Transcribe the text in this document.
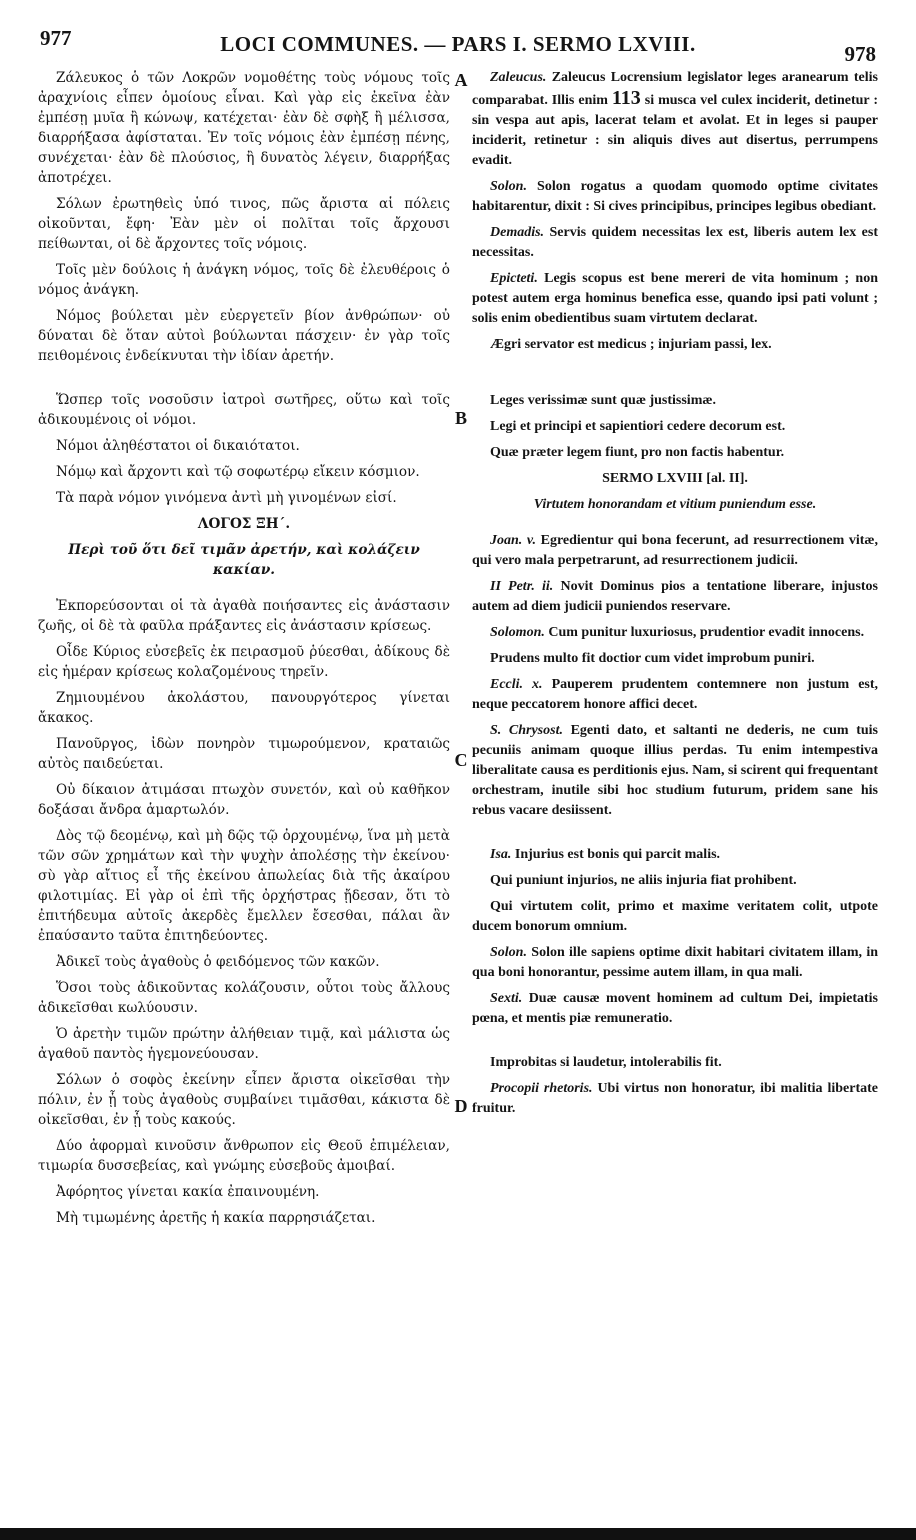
977	LOCI COMMUNES. — PARS I. SERMO LXVIII.	978
A
B
C
D

Ζάλευκος ὁ τῶν Λοκρῶν νομοθέτης τοὺς νόμους τοῖς ἀραχνίοις εἶπεν ὁμοίους εἶναι. Καὶ γὰρ εἰς ἐκεῖνα ἐὰν ἐμπέσῃ μυῖα ἢ κώνωψ, κατέχεται· ἐὰν δὲ σφὴξ ἢ μέλισσα, διαρρήξασα ἀφίσταται. Ἐν τοῖς νόμοις ἐὰν ἐμπέσῃ πένης, συνέχεται· ἐὰν δὲ πλούσιος, ἢ δυνατὸς λέγειν, διαρρήξας ἀποτρέχει.

Σόλων ἐρωτηθεὶς ὑπό τινος, πῶς ἄριστα αἱ πόλεις οἰκοῦνται, ἔφη· Ἐὰν μὲν οἱ πολῖται τοῖς ἄρχουσι πείθωνται, οἱ δὲ ἄρχοντες τοῖς νόμοις.

Τοῖς μὲν δούλοις ἡ ἀνάγκη νόμος, τοῖς δὲ ἐλευθέροις ὁ νόμος ἀνάγκη.

Νόμος βούλεται μὲν εὐεργετεῖν βίον ἀνθρώπων· οὐ δύναται δὲ ὅταν αὐτοὶ βούλωνται πάσχειν· ἐν γὰρ τοῖς πειθομένοις ἐνδείκνυται τὴν ἰδίαν ἀρετήν.

Ὥσπερ τοῖς νοσοῦσιν ἰατροὶ σωτῆρες, οὕτω καὶ τοῖς ἀδικουμένοις οἱ νόμοι.

Νόμοι ἀληθέστατοι οἱ δικαιότατοι.

Νόμῳ καὶ ἄρχοντι καὶ τῷ σοφωτέρῳ εἴκειν κόσμιον.

Τὰ παρὰ νόμον γινόμενα ἀντὶ μὴ γινομένων εἰσί.

ΛΟΓΟΣ ΞΗ΄.

Περὶ τοῦ ὅτι δεῖ τιμᾶν ἀρετήν, καὶ κολάζειν κακίαν.

Ἐκπορεύσονται οἱ τὰ ἀγαθὰ ποιήσαντες εἰς ἀνάστασιν ζωῆς, οἱ δὲ τὰ φαῦλα πράξαντες εἰς ἀνάστασιν κρίσεως.

Οἶδε Κύριος εὐσεβεῖς ἐκ πειρασμοῦ ῥύεσθαι, ἀδίκους δὲ εἰς ἡμέραν κρίσεως κολαζομένους τηρεῖν.

Ζημιουμένου ἀκολάστου, πανουργότερος γίνεται ἄκακος.

Πανοῦργος, ἰδὼν πονηρὸν τιμωρούμενον, κραταιῶς αὐτὸς παιδεύεται.

Οὐ δίκαιον ἀτιμάσαι πτωχὸν συνετόν, καὶ οὐ καθῆκον δοξάσαι ἄνδρα ἁμαρτωλόν.

Δὸς τῷ δεομένῳ, καὶ μὴ δῷς τῷ ὀρχουμένῳ, ἵνα μὴ μετὰ τῶν σῶν χρημάτων καὶ τὴν ψυχὴν ἀπολέσῃς τὴν ἐκείνου· σὺ γὰρ αἴτιος εἶ τῆς ἐκείνου ἀπωλείας διὰ τῆς ἀκαίρου φιλοτιμίας. Εἰ γὰρ οἱ ἐπὶ τῆς ὀρχήστρας ᾔδεσαν, ὅτι τὸ ἐπιτήδευμα αὐτοῖς ἀκερδὲς ἔμελλεν ἔσεσθαι, πάλαι ἂν ἐπαύσαντο ταῦτα ἐπιτηδεύοντες.

Ἀδικεῖ τοὺς ἀγαθοὺς ὁ φειδόμενος τῶν κακῶν.

Ὅσοι τοὺς ἀδικοῦντας κολάζουσιν, οὗτοι τοὺς ἄλλους ἀδικεῖσθαι κωλύουσιν.

Ὁ ἀρετὴν τιμῶν πρώτην ἀλήθειαν τιμᾷ, καὶ μάλιστα ὡς ἀγαθοῦ παντὸς ἡγεμονεύουσαν.

Σόλων ὁ σοφὸς ἐκείνην εἶπεν ἄριστα οἰκεῖσθαι τὴν πόλιν, ἐν ᾗ τοὺς ἀγαθοὺς συμβαίνει τιμᾶσθαι, κάκιστα δὲ οἰκεῖσθαι, ἐν ᾗ τοὺς κακούς.

Δύο ἀφορμαὶ κινοῦσιν ἄνθρωπον εἰς Θεοῦ ἐπιμέλειαν, τιμωρία δυσσεβείας, καὶ γνώμης εὐσεβοῦς ἀμοιβαί.

Ἀφόρητος γίνεται κακία ἐπαινουμένη.

Μὴ τιμωμένης ἀρετῆς ἡ κακία παρρησιάζεται.

Zaleucus. Zaleucus Locrensium legislator leges aranearum telis comparabat. Illis enim 113 si musca vel culex inciderit, detinetur : sin vespa aut apis, lacerat telam et avolat. Et in leges si pauper inciderit, retinetur : sin aliquis dives aut disertus, perrumpens evadit.

Solon. Solon rogatus a quodam quomodo optime civitates habitarentur, dixit : Si cives principibus, principes legibus obediant.

Demadis. Servis quidem necessitas lex est, liberis autem lex est necessitas.

Epicteti. Legis scopus est bene mereri de vita hominum ; non potest autem erga hominus benefica esse, quando ipsi pati volunt ; solis enim obedientibus suam virtutem declarat.

Ægri servator est medicus ; injuriam passi, lex.

Leges verissimæ sunt quæ justissimæ.

Legi et principi et sapientiori cedere decorum est.

Quæ præter legem fiunt, pro non factis habentur.

SERMO LXVIII [al. II].

Virtutem honorandam et vitium puniendum esse.

Joan. v. Egredientur qui bona fecerunt, ad resurrectionem vitæ, qui vero mala perpetrarunt, ad resurrectionem judicii.

II Petr. ii. Novit Dominus pios a tentatione liberare, injustos autem ad diem judicii puniendos reservare.

Solomon. Cum punitur luxuriosus, prudentior evadit innocens.

Prudens multo fit doctior cum videt improbum puniri.

Eccli. x. Pauperem prudentem contemnere non justum est, neque peccatorem honore affici decet.

S. Chrysost. Egenti dato, et saltanti ne dederis, ne cum tuis pecuniis animam quoque illius perdas. Tu enim intempestiva liberalitate causa es perditionis ejus. Nam, si scirent qui frequentant orchestram, inutile sibi hoc studium futurum, pridem sane his rebus vacare desiissent.

Isa. Injurius est bonis qui parcit malis.

Qui puniunt injurios, ne aliis injuria fiat prohibent.

Qui virtutem colit, primo et maxime veritatem colit, utpote ducem bonorum omnium.

Solon. Solon ille sapiens optime dixit habitari civitatem illam, in qua boni honorantur, pessime autem illam, in qua mali.

Sexti. Duæ causæ movent hominem ad cultum Dei, impietatis pœna, et mentis piæ remuneratio.

Improbitas si laudetur, intolerabilis fit.

Procopii rhetoris. Ubi virtus non honoratur, ibi malitia libertate fruitur.
